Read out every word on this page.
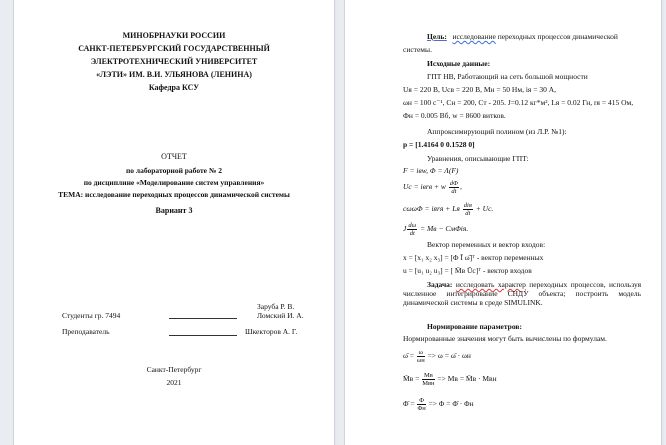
МИНОБРНАУКИ РОССИИ
САНКТ-ПЕТЕРБУРГСКИЙ ГОСУДАРСТВЕННЫЙ
ЭЛЕКТРОТЕХНИЧЕСКИЙ УНИВЕРСИТЕТ
«ЛЭТИ» ИМ. В.И. УЛЬЯНОВА (ЛЕНИНА)
Кафедра КСУ
ОТЧЕТ
по лабораторной работе № 2
по дисциплине «Моделирование систем управления»
ТЕМА: исследование переходных процессов динамической системы
Вариант 3
Студенты гр. 7494
Заруба Р. В.
Ломский И. А.
Преподаватель	Шкекторов А. Г.
Санкт-Петербург
2021
Цель: исследование переходных процессов динамической
системы.
Исходные данные:
ГПТ НВ, Работающий на сеть большой мощности
Uя = 220 В, Uсв = 220 В, Mн = 50 Нм, iя = 30 А,
ωн = 100 с⁻¹, Cн = 200, Cт - 205. J=0.12 кг*м², Lя = 0.02 Гн, rя = 415 Ом,
Фн = 0.005 Вб, w = 8600 витков.
Аппроксимирующий полином (из Л.Р. №1):
p = [1.4164 0 0.1528 0]
Уравнения, описывающие ГПТ:
F = iвw, Φ = Λ(F)
Uс = iвrв + w $\frac{d\Phi}{dt}$ ,
cωωΦ = iяrя + Lя $\frac{\text{diя}}{dt}$ + Uс.
J $\frac{d\omega}{dt}$ = Mв − CмΦiя.
Вектор переменных и вектор входов:
x = [x₁ x₂ x₃] = [Φ Ī ω̄]ᵀ - вектор переменных
u = [u₁ u₂ u₃] = [ M̄в Ūс]ᵀ - вектор входов
Задача: исследовать характер переходных процессов, используя численное интегрирование СНДУ объекта; построить модель динамической системы в среде SIMULINK.
Нормирование параметров:
Нормированные значения могут быть вычислены по формулам.
ω̄ = $\frac{\omega}{\omega н} => \omega$ = ω̄ · ωн
M̄в = $\frac{Mв}{\text{Mвн}}$ => Mв = M̄в · Mвн
Φ̄ = $\frac{\Phi}{\Phi н} => \Phi$ = Φ̄ · Φн
